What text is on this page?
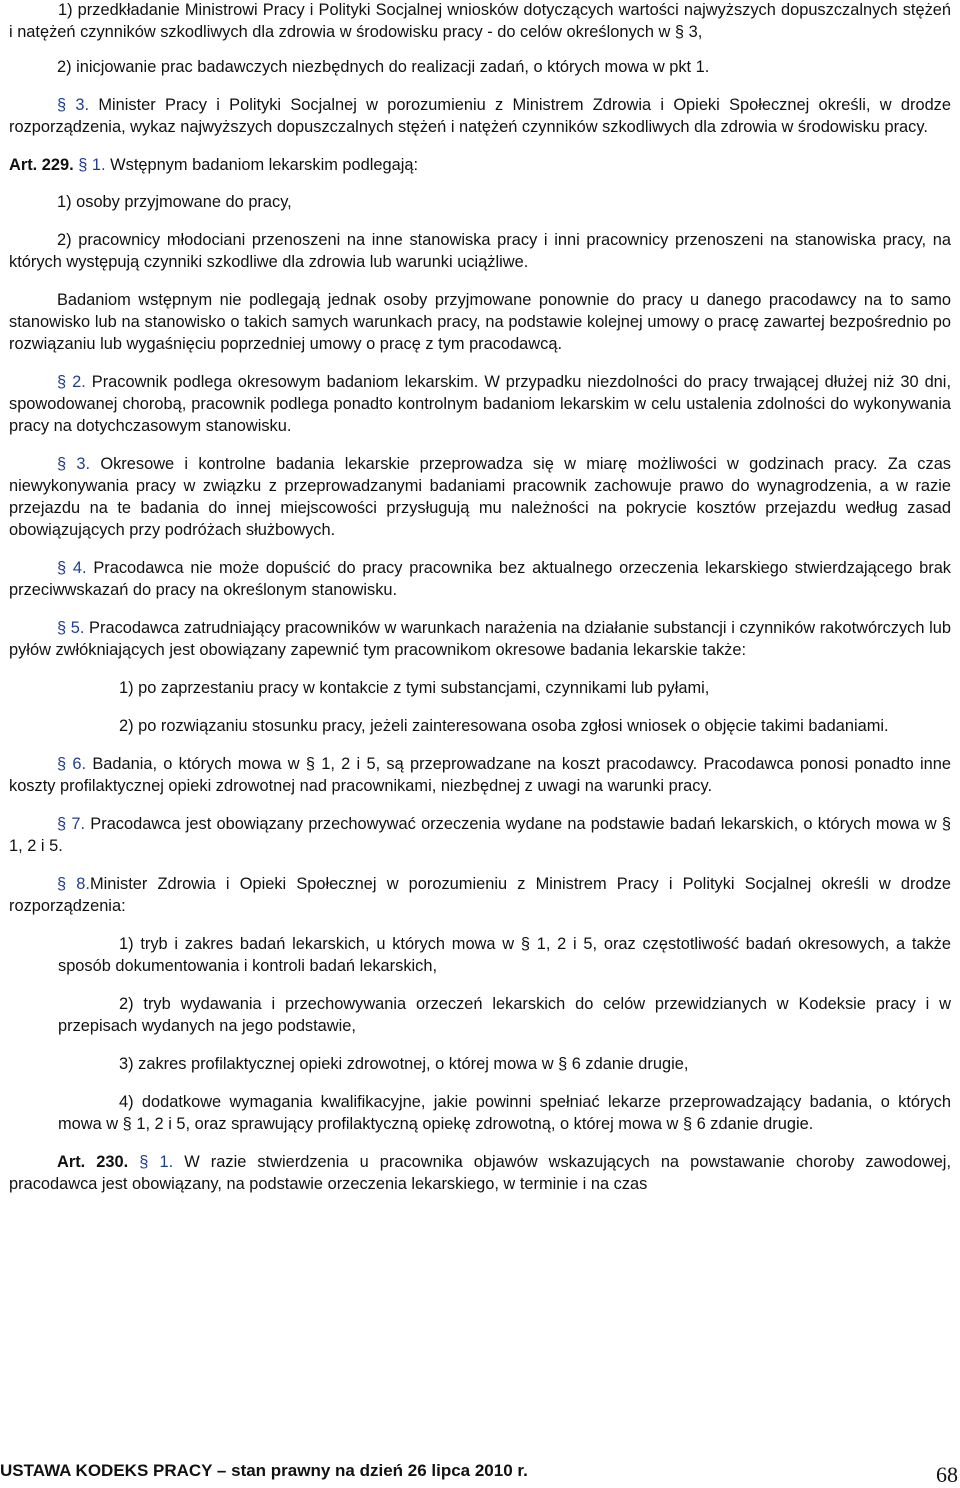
1) przedkładanie Ministrowi Pracy i Polityki Socjalnej wniosków dotyczących wartości najwyższych dopuszczalnych stężeń i natężeń czynników szkodliwych dla zdrowia w środowisku pracy - do celów określonych w § 3,

2) inicjowanie prac badawczych niezbędnych do realizacji zadań, o których mowa w pkt 1.

§ 3. Minister Pracy i Polityki Socjalnej w porozumieniu z Ministrem Zdrowia i Opieki Społecznej określi, w drodze rozporządzenia, wykaz najwyższych dopuszczalnych stężeń i natężeń czynników szkodliwych dla zdrowia w środowisku pracy.

Art. 229. § 1. Wstępnym badaniom lekarskim podlegają:

1) osoby przyjmowane do pracy,

2) pracownicy młodociani przenoszeni na inne stanowiska pracy i inni pracownicy przenoszeni na stanowiska pracy, na których występują czynniki szkodliwe dla zdrowia lub warunki uciążliwe.

Badaniom wstępnym nie podlegają jednak osoby przyjmowane ponownie do pracy u danego pracodawcy na to samo stanowisko lub na stanowisko o takich samych warunkach pracy, na podstawie kolejnej umowy o pracę zawartej bezpośrednio po rozwiązaniu lub wygaśnięciu poprzedniej umowy o pracę z tym pracodawcą.

§ 2. Pracownik podlega okresowym badaniom lekarskim. W przypadku niezdolności do pracy trwającej dłużej niż 30 dni, spowodowanej chorobą, pracownik podlega ponadto kontrolnym badaniom lekarskim w celu ustalenia zdolności do wykonywania pracy na dotychczasowym stanowisku.

§ 3. Okresowe i kontrolne badania lekarskie przeprowadza się w miarę możliwości w godzinach pracy. Za czas niewykonywania pracy w związku z przeprowadzanymi badaniami pracownik zachowuje prawo do wynagrodzenia, a w razie przejazdu na te badania do innej miejscowości przysługują mu należności na pokrycie kosztów przejazdu według zasad obowiązujących przy podróżach służbowych.

§ 4. Pracodawca nie może dopuścić do pracy pracownika bez aktualnego orzeczenia lekarskiego stwierdzającego brak przeciwwskazań do pracy na określonym stanowisku.

§ 5. Pracodawca zatrudniający pracowników w warunkach narażenia na działanie substancji i czynników rakotwórczych lub pyłów zwłókniających jest obowiązany zapewnić tym pracownikom okresowe badania lekarskie także:

1) po zaprzestaniu pracy w kontakcie z tymi substancjami, czynnikami lub pyłami,

2) po rozwiązaniu stosunku pracy, jeżeli zainteresowana osoba zgłosi wniosek o objęcie takimi badaniami.

§ 6. Badania, o których mowa w § 1, 2 i 5, są przeprowadzane na koszt pracodawcy. Pracodawca ponosi ponadto inne koszty profilaktycznej opieki zdrowotnej nad pracownikami, niezbędnej z uwagi na warunki pracy.

§ 7. Pracodawca jest obowiązany przechowywać orzeczenia wydane na podstawie badań lekarskich, o których mowa w § 1, 2 i 5.

§ 8.Minister Zdrowia i Opieki Społecznej w porozumieniu z Ministrem Pracy i Polityki Socjalnej określi w drodze rozporządzenia:

1) tryb i zakres badań lekarskich, u których mowa w § 1, 2 i 5, oraz częstotliwość badań okresowych, a także sposób dokumentowania i kontroli badań lekarskich,

2) tryb wydawania i przechowywania orzeczeń lekarskich do celów przewidzianych w Kodeksie pracy i w przepisach wydanych na jego podstawie,

3) zakres profilaktycznej opieki zdrowotnej, o której mowa w § 6 zdanie drugie,

4) dodatkowe wymagania kwalifikacyjne, jakie powinni spełniać lekarze przeprowadzający badania, o których mowa w § 1, 2 i 5, oraz sprawujący profilaktyczną opiekę zdrowotną, o której mowa w § 6 zdanie drugie.

Art. 230. § 1. W razie stwierdzenia u pracownika objawów wskazujących na powstawanie choroby zawodowej, pracodawca jest obowiązany, na podstawie orzeczenia lekarskiego, w terminie i na czas

USTAWA KODEKS PRACY – stan prawny na dzień 26 lipca 2010 r.	68
